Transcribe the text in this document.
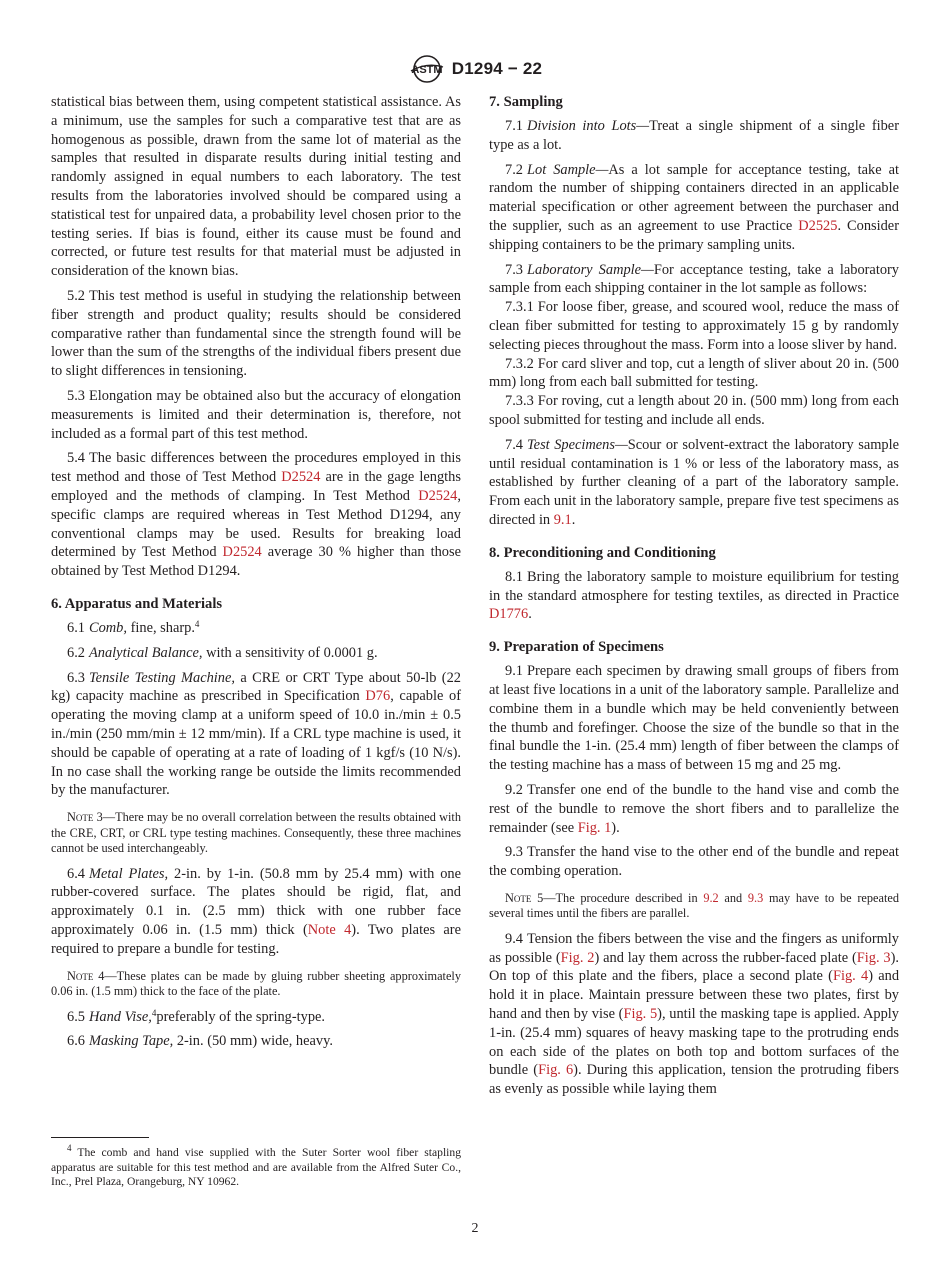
ASTM D1294 − 22

statistical bias between them, using competent statistical assistance. As a minimum, use the samples for such a comparative test that are as homogenous as possible, drawn from the same lot of material as the samples that resulted in disparate results during initial testing and randomly assigned in equal numbers to each laboratory. The test results from the laboratories involved should be compared using a statistical test for unpaired data, a probability level chosen prior to the testing series. If bias is found, either its cause must be found and corrected, or future test results for that material must be adjusted in consideration of the known bias.

5.2 This test method is useful in studying the relationship between fiber strength and product quality; results should be considered comparative rather than fundamental since the strength found will be lower than the sum of the strengths of the individual fibers present due to slight differences in tensioning.

5.3 Elongation may be obtained also but the accuracy of elongation measurements is limited and their determination is, therefore, not included as a formal part of this test method.

5.4 The basic differences between the procedures employed in this test method and those of Test Method D2524 are in the gage lengths employed and the methods of clamping. In Test Method D2524, specific clamps are required whereas in Test Method D1294, any conventional clamps may be used. Results for breaking load determined by Test Method D2524 average 30 % higher than those obtained by Test Method D1294.

6. Apparatus and Materials

6.1 Comb, fine, sharp.$^4$

6.2 Analytical Balance, with a sensitivity of 0.0001 g.

6.3 Tensile Testing Machine, a CRE or CRT Type about 50-lb (22 kg) capacity machine as prescribed in Specification D76, capable of operating the moving clamp at a uniform speed of 10.0 in./min ± 0.5 in./min (250 mm/min ± 12 mm/min). If a CRL type machine is used, it should be capable of operating at a rate of loading of 1 kgf/s (10 N/s). In no case shall the working range be outside the limits recommended by the manufacturer.

Note 3—There may be no overall correlation between the results obtained with the CRE, CRT, or CRL type testing machines. Consequently, these three machines cannot be used interchangeably.

6.4 Metal Plates, 2-in. by 1-in. (50.8 mm by 25.4 mm) with one rubber-covered surface. The plates should be rigid, flat, and approximately 0.1 in. (2.5 mm) thick with one rubber face approximately 0.06 in. (1.5 mm) thick (Note 4). Two plates are required to prepare a bundle for testing.

Note 4—These plates can be made by gluing rubber sheeting approximately 0.06 in. (1.5 mm) thick to the face of the plate.

6.5 Hand Vise,$^4$preferably of the spring-type.

6.6 Masking Tape, 2-in. (50 mm) wide, heavy.

$^4$ The comb and hand vise supplied with the Suter Sorter wool fiber stapling apparatus are suitable for this test method and are available from the Alfred Suter Co., Inc., Prel Plaza, Orangeburg, NY 10962.
7. Sampling

7.1 Division into Lots—Treat a single shipment of a single fiber type as a lot.

7.2 Lot Sample—As a lot sample for acceptance testing, take at random the number of shipping containers directed in an applicable material specification or other agreement between the purchaser and the supplier, such as an agreement to use Practice D2525. Consider shipping containers to be the primary sampling units.

7.3 Laboratory Sample—For acceptance testing, take a laboratory sample from each shipping container in the lot sample as follows:

7.3.1 For loose fiber, grease, and scoured wool, reduce the mass of clean fiber submitted for testing to approximately 15 g by randomly selecting pieces throughout the mass. Form into a loose sliver by hand.

7.3.2 For card sliver and top, cut a length of sliver about 20 in. (500 mm) long from each ball submitted for testing.

7.3.3 For roving, cut a length about 20 in. (500 mm) long from each spool submitted for testing and include all ends.

7.4 Test Specimens—Scour or solvent-extract the laboratory sample until residual contamination is 1 % or less of the laboratory mass, as established by further cleaning of a part of the laboratory sample. From each unit in the laboratory sample, prepare five test specimens as directed in 9.1.

8. Preconditioning and Conditioning

8.1 Bring the laboratory sample to moisture equilibrium for testing in the standard atmosphere for testing textiles, as directed in Practice D1776.

9. Preparation of Specimens

9.1 Prepare each specimen by drawing small groups of fibers from at least five locations in a unit of the laboratory sample. Parallelize and combine them in a bundle which may be held conveniently between the thumb and forefinger. Choose the size of the bundle so that in the final bundle the 1-in. (25.4 mm) length of fiber between the clamps of the testing machine has a mass of between 15 mg and 25 mg.

9.2 Transfer one end of the bundle to the hand vise and comb the rest of the bundle to remove the short fibers and to parallelize the remainder (see Fig. 1).

9.3 Transfer the hand vise to the other end of the bundle and repeat the combing operation.

Note 5—The procedure described in 9.2 and 9.3 may have to be repeated several times until the fibers are parallel.

9.4 Tension the fibers between the vise and the fingers as uniformly as possible (Fig. 2) and lay them across the rubber-faced plate (Fig. 3). On top of this plate and the fibers, place a second plate (Fig. 4) and hold it in place. Maintain pressure between these two plates, first by hand and then by vise (Fig. 5), until the masking tape is applied. Apply 1-in. (25.4 mm) squares of heavy masking tape to the protruding ends on each side of the plates on both top and bottom surfaces of the bundle (Fig. 6). During this application, tension the protruding fibers as evenly as possible while laying them

2
